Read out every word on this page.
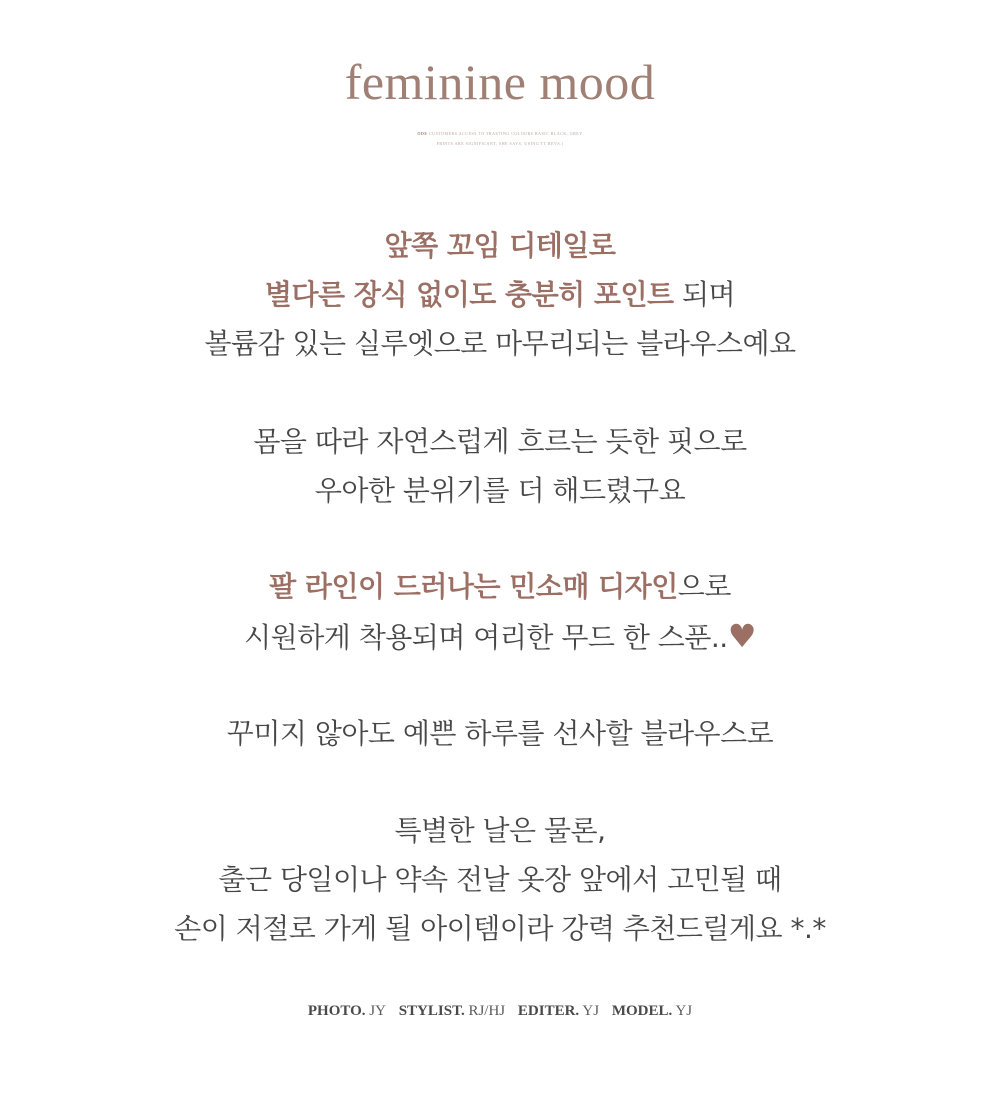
feminine mood
ODE CUSTOMERS ACCESS TO TRASTING COLOURS BASIC BLACK, GREY
PRINTS ARE SIGNIFICANT, SHE SAYS, USING TT REVS.)
앞쪽 꼬임 디테일로
별다른 장식 없이도 충분히 포인트 되며
볼륨감 있는 실루엣으로 마무리되는 블라우스예요
몸을 따라 자연스럽게 흐르는 듯한 핏으로
우아한 분위기를 더 해드렸구요
팔 라인이 드러나는 민소매 디자인으로
시원하게 착용되며 여리한 무드 한 스푼..♥
꾸미지 않아도 예쁜 하루를 선사할 블라우스로
특별한 날은 물론,
출근 당일이나 약속 전날 옷장 앞에서 고민될 때
손이 저절로 가게 될 아이템이라 강력 추천드릴게요 *.*
PHOTO. JY STYLIST. RJ/HJ EDITER. YJ MODEL. YJ
